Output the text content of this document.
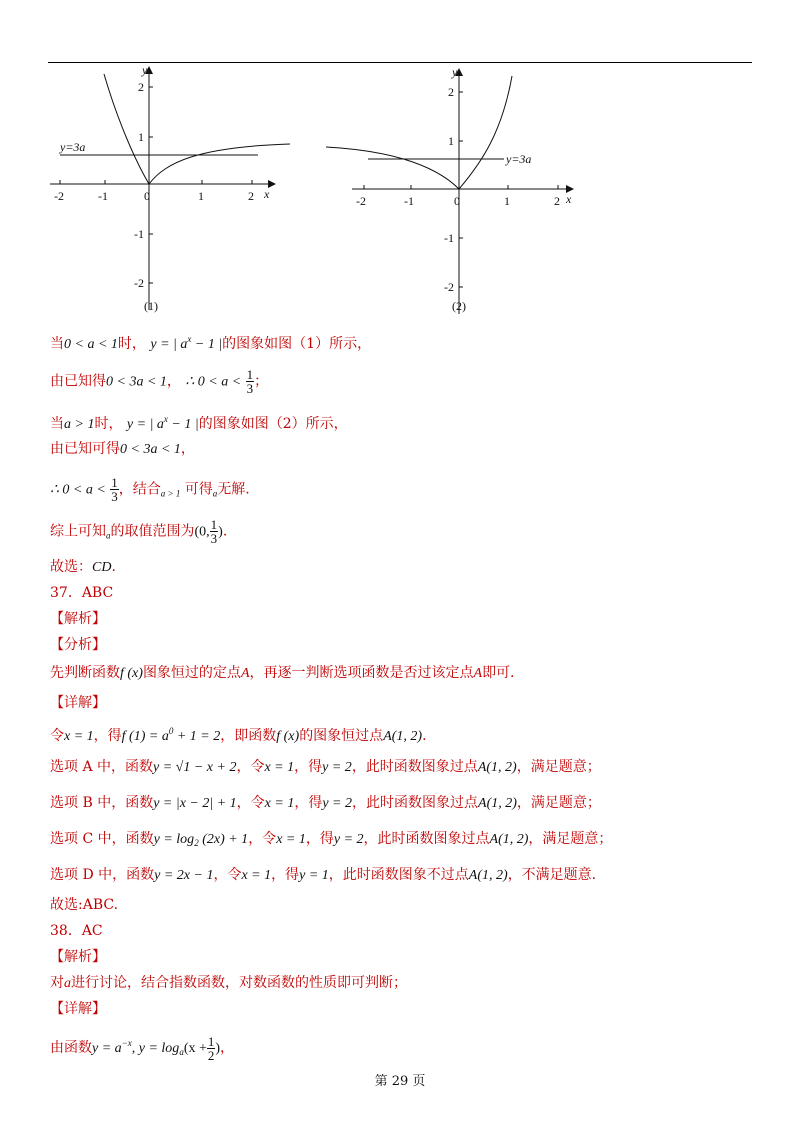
y=3a
-2	-1	0	1	2
2
1
-1
-2
x
y
(1)
y=3a
-2	-1	0	1	2
2
1
-1
-2
x
y
(2)
当0 < a < 1时， y = | $a^x - 1$ |的图象如图（1）所示，
由已知得0 < 3a < 1， ∴ $0 < a < \frac{1}{3}$ ；
当a > 1时， y = | $a^x - 1$ |的图象如图（2）所示，
由已知可得0 < 3a < 1，
∴ $0 < a < \frac{1}{3}$ ，结合$_{a > 1}$ 可得$_a$无解.
综上可知$_a$的取值范围为(0, $\frac{1}{3}$ ).
故选：CD.
37．ABC
【解析】
【分析】
先判断函数f (x)图象恒过的定点A，再逐一判断选项函数是否过该定点A即可.
【详解】
令x = 1，得f $(1) = a^0 + 1 = 2$，即函数f (x)的图象恒过点A(1, 2).
选项 A 中，函数y = √1 − x + 2，令x = 1，得y = 2，此时函数图象过点A(1, 2)，满足题意；
选项 B 中，函数y = |x − 2| + 1，令x = 1，得y = 2，此时函数图象过点A(1, 2)，满足题意；
选项 C 中，函数$y = \log_2 (2x) + 1$，令x = 1，得y = 2，此时函数图象过点A(1, 2)，满足题意；
选项 D 中，函数y = 2x − 1，令x = 1，得y = 1，此时函数图象不过点A(1, 2)，不满足题意.
故选:ABC.
38．AC
【解析】
对a进行讨论，结合指数函数，对数函数的性质即可判断；
【详解】
由函数$y = a^{-x}$, $y = \log_a(x + \frac{1}{2}$ )，
第 29 页
